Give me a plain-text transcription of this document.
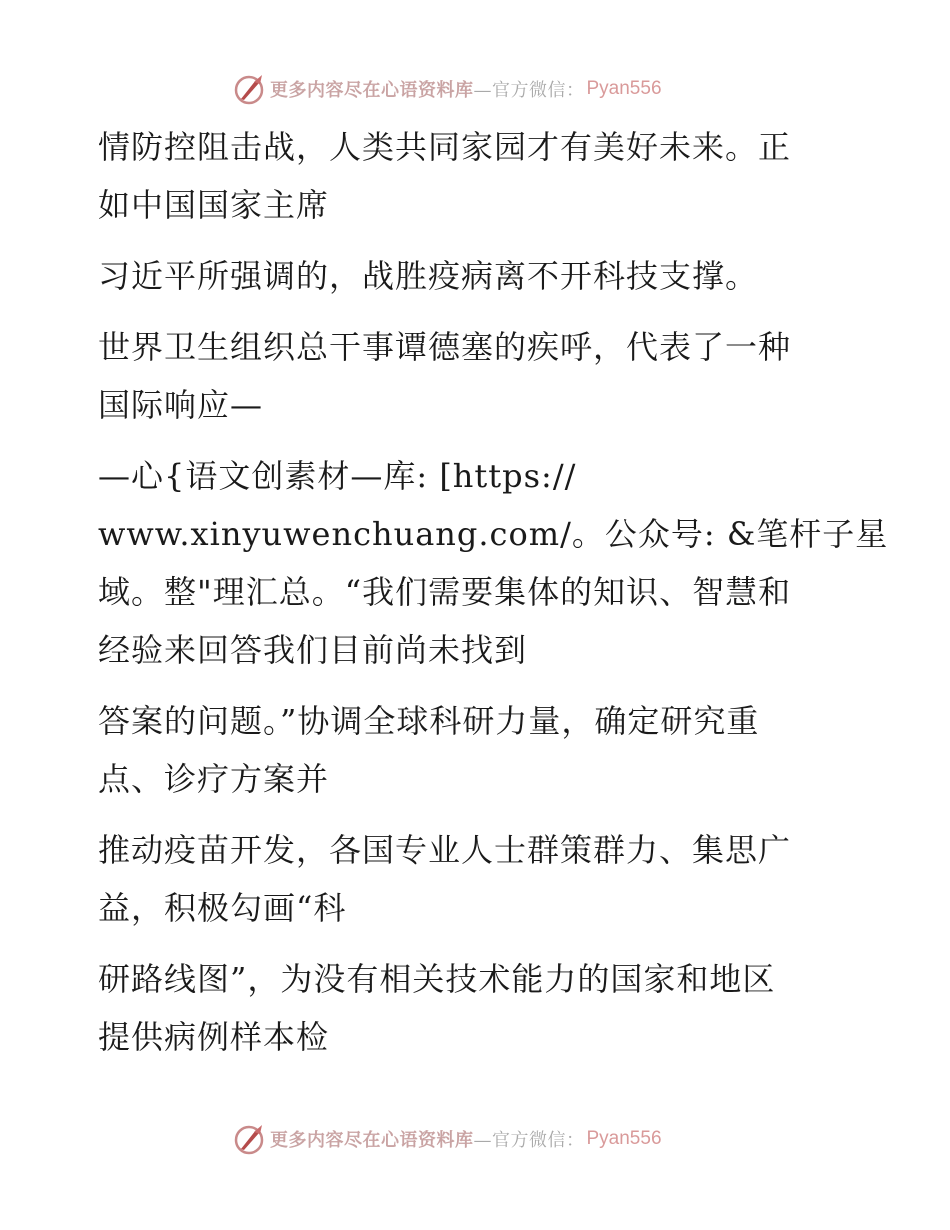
更多内容尽在心语资料库 —官方微信： Pyan556

情防控阻击战，人类共同家园才有美好未来。正
如中国国家主席

习近平所强调的，战胜疫病离不开科技支撑。

世界卫生组织总干事谭德塞的疾呼，代表了一种
国际响应—

—心{语文创素材—库: [https://
www.xinyuwenchuang.com/。公众号: &笔杆子星
域。整"理汇总。“我们需要集体的知识、智慧和
经验来回答我们目前尚未找到

答案的问题。”协调全球科研力量，确定研究重
点、诊疗方案并

推动疫苗开发，各国专业人士群策群力、集思广
益，积极勾画“科

研路线图”，为没有相关技术能力的国家和地区
提供病例样本检

更多内容尽在心语资料库 —官方微信： Pyan556
